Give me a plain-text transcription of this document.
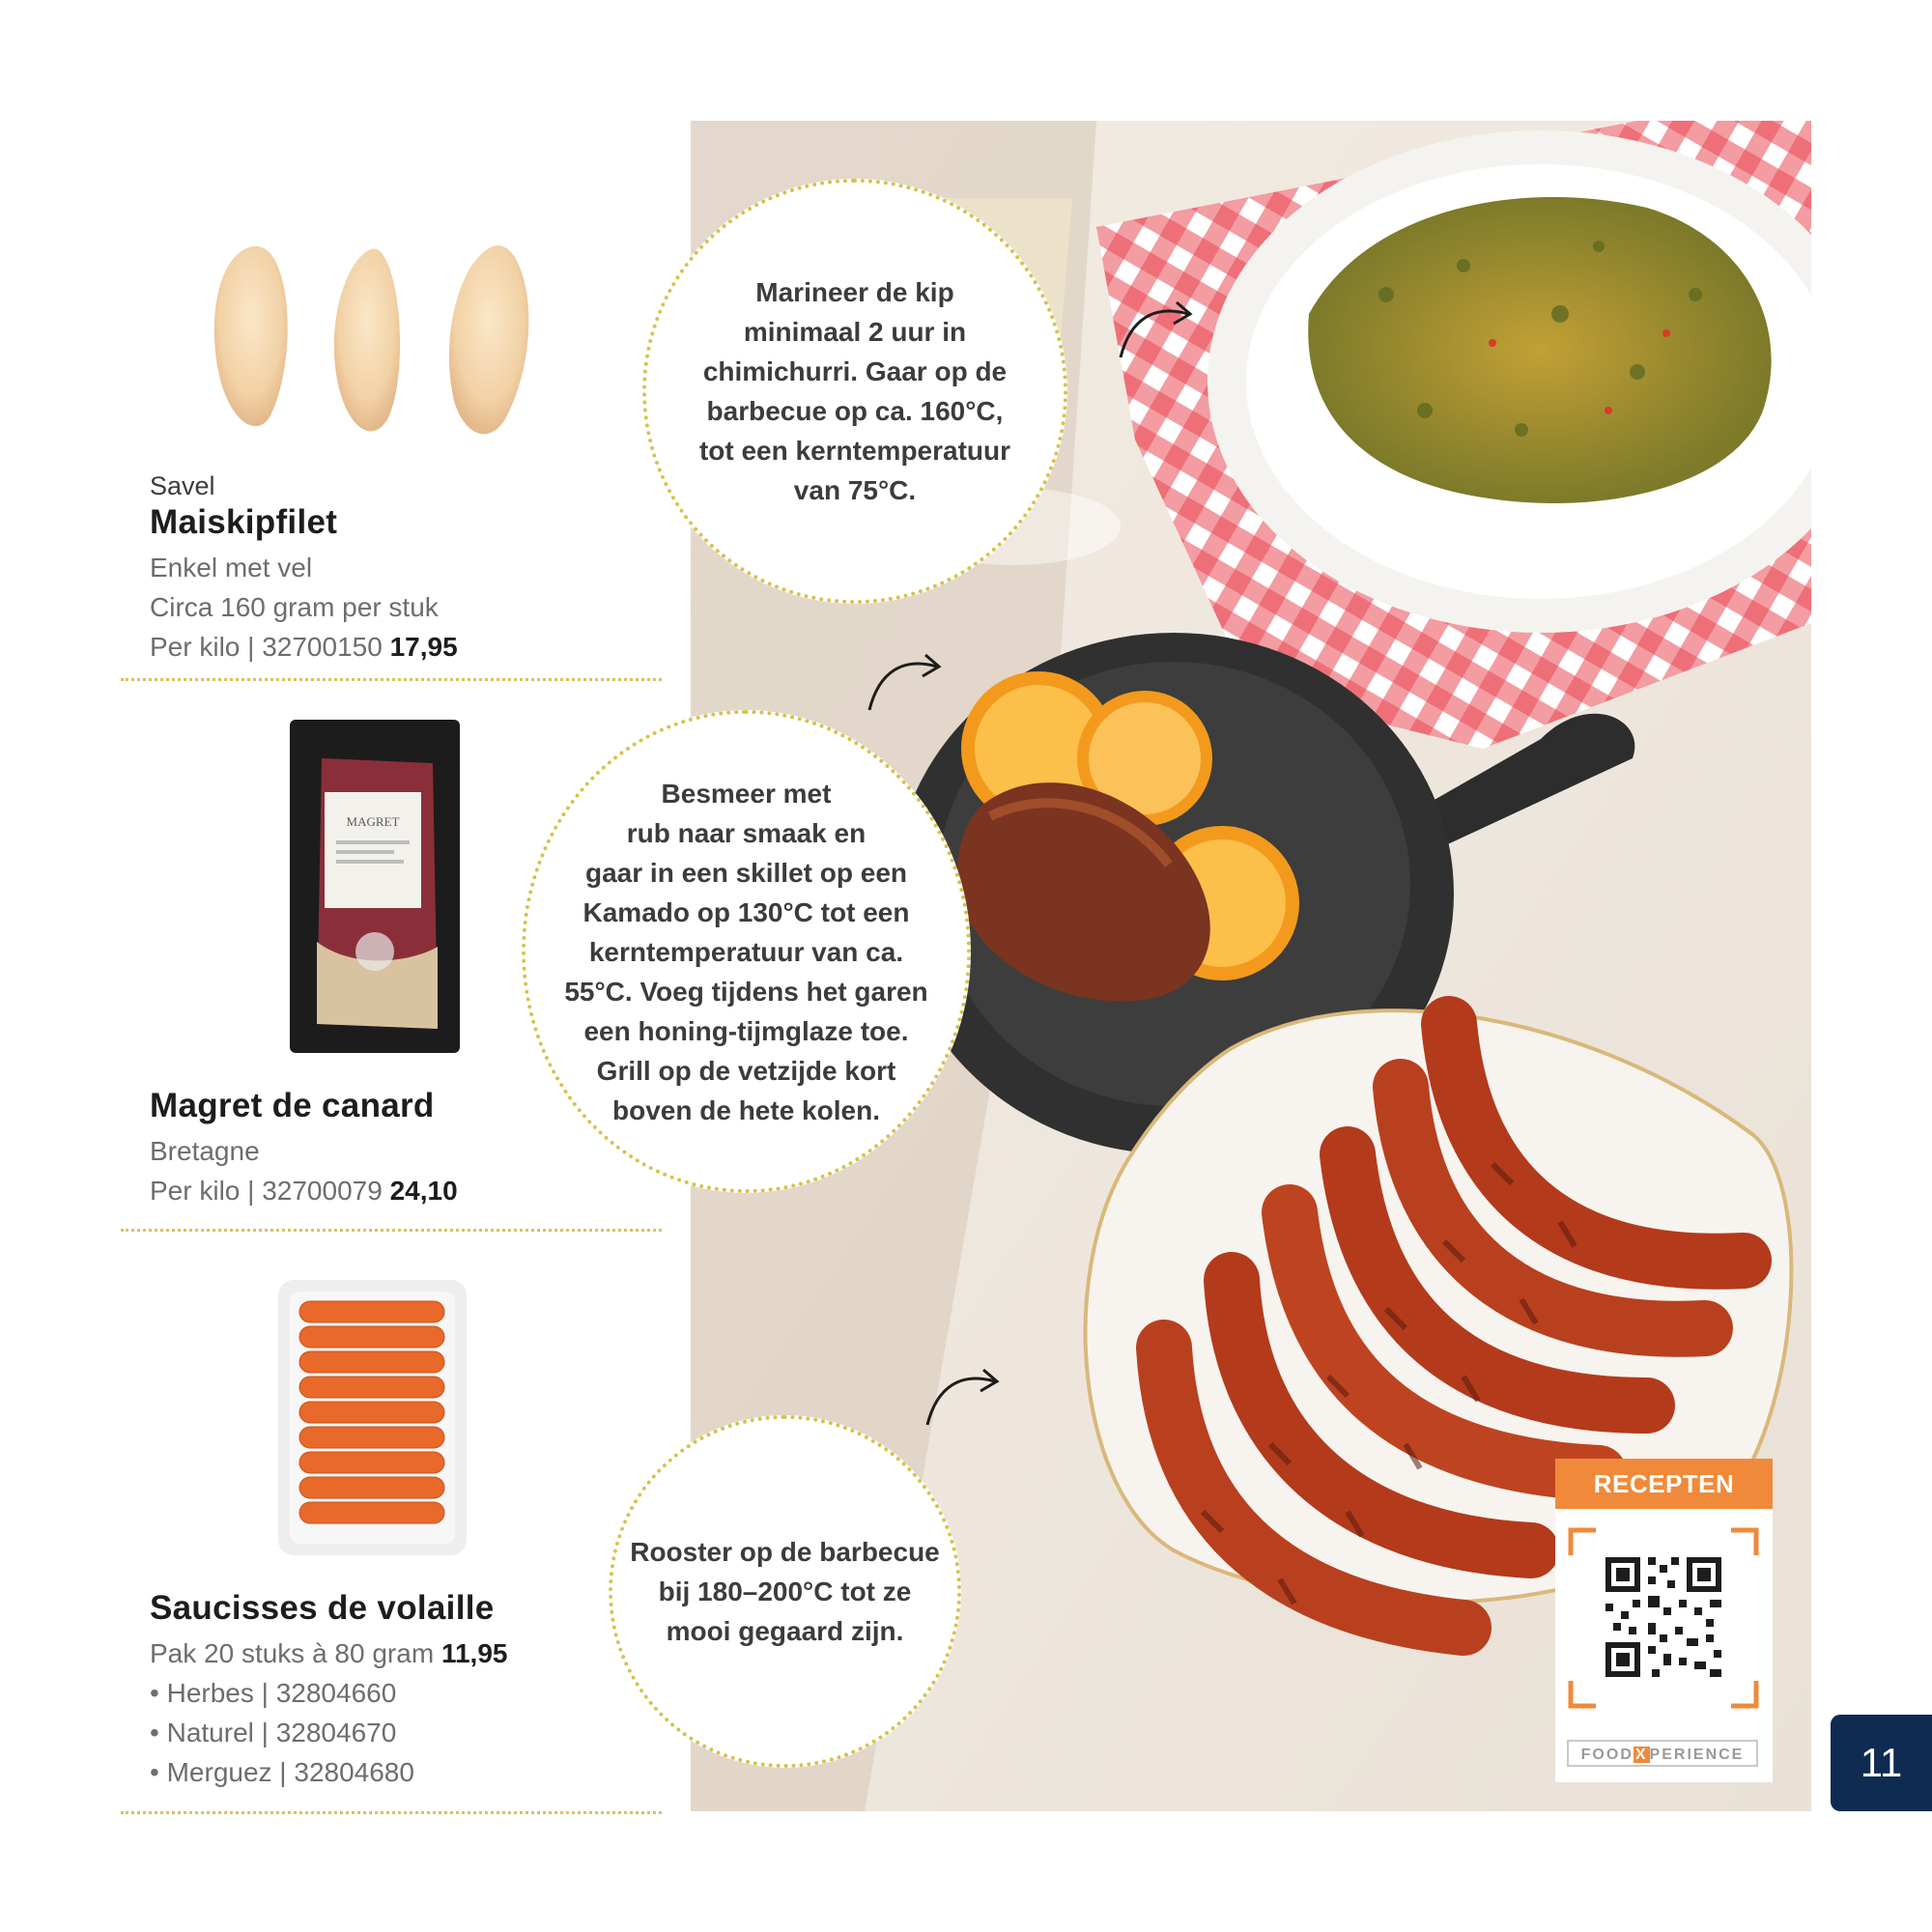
Savel
Maiskipfilet
Enkel met vel
Circa 160 gram per stuk
Per kilo | 32700150 17,95
MAGRET
Magret de canard
Bretagne
Per kilo | 32700079 24,10
Saucisses de volaille
Pak 20 stuks à 80 gram 11,95
• Herbes | 32804660
• Naturel | 32804670
• Merguez | 32804680

Marineer de kip
minimaal 2 uur in
chimichurri. Gaar op de
barbecue op ca. 160°C,
tot een kerntemperatuur
van 75°C.

Besmeer met
rub naar smaak en
gaar in een skillet op een
Kamado op 130°C tot een
kerntemperatuur van ca.
55°C. Voeg tijdens het garen
een honing-tijmglaze toe.
Grill op de vetzijde kort
boven de hete kolen.

Rooster op de barbecue
bij 180–200°C tot ze
mooi gegaard zijn.

RECEPTEN
FOOD X PERIENCE	11
